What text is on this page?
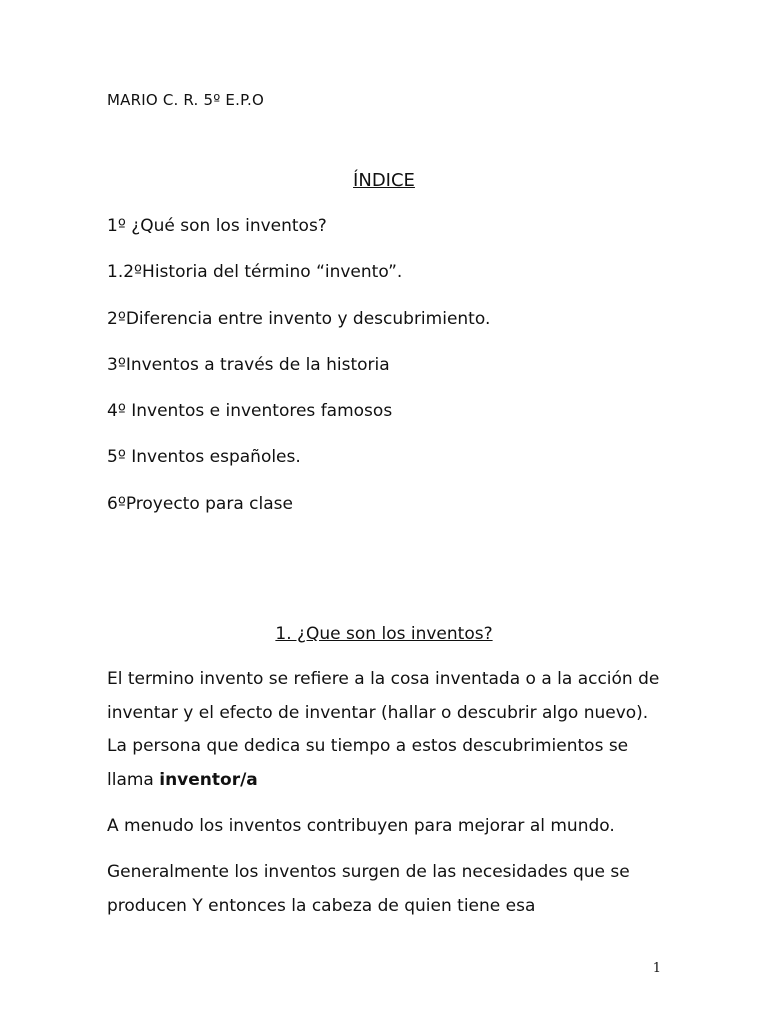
MARIO C. R. 5º E.P.O
ÍNDICE
1º ¿Qué son los inventos?
1.2ºHistoria del término “invento”.
2ºDiferencia entre invento y descubrimiento.
3ºInventos a través de la historia
4º Inventos e inventores famosos
5º Inventos españoles.
6ºProyecto para clase
1. ¿Que son los inventos?

El termino invento se refiere a la cosa inventada o a la acción de inventar y el efecto de inventar (hallar o descubrir algo nuevo). La persona que dedica su tiempo a estos descubrimientos se llama inventor/a

A menudo los inventos contribuyen para mejorar al mundo.

Generalmente los inventos surgen de las necesidades que se producen Y entonces la cabeza de quien tiene esa

1
